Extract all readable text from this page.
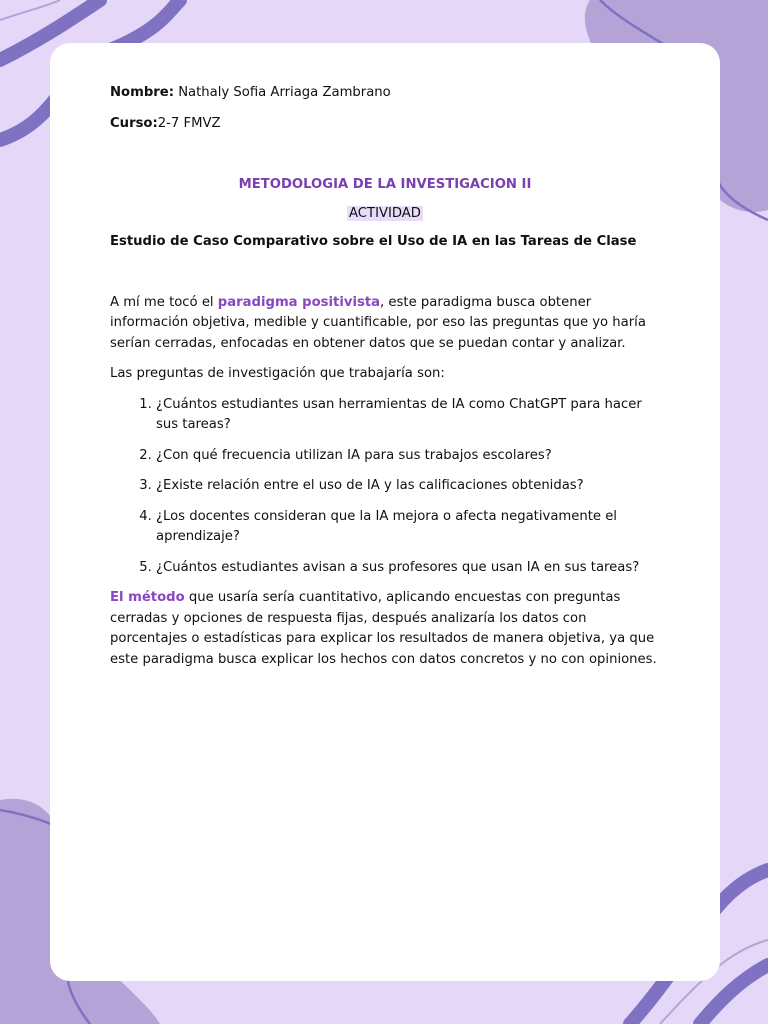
Nombre: Nathaly Sofia Arriaga Zambrano
Curso:2-7 FMVZ
METODOLOGIA DE LA INVESTIGACION II
ACTIVIDAD
Estudio de Caso Comparativo sobre el Uso de IA en las Tareas de Clase

A mí me tocó el paradigma positivista, este paradigma busca obtener información objetiva, medible y cuantificable, por eso las preguntas que yo haría serían cerradas, enfocadas en obtener datos que se puedan contar y analizar.

Las preguntas de investigación que trabajaría son:

1. ¿Cuántos estudiantes usan herramientas de IA como ChatGPT para hacer sus tareas?
2. ¿Con qué frecuencia utilizan IA para sus trabajos escolares?
3. ¿Existe relación entre el uso de IA y las calificaciones obtenidas?
4. ¿Los docentes consideran que la IA mejora o afecta negativamente el aprendizaje?
5. ¿Cuántos estudiantes avisan a sus profesores que usan IA en sus tareas?

El método que usaría sería cuantitativo, aplicando encuestas con preguntas cerradas y opciones de respuesta fijas, después analizaría los datos con porcentajes o estadísticas para explicar los resultados de manera objetiva, ya que este paradigma busca explicar los hechos con datos concretos y no con opiniones.
